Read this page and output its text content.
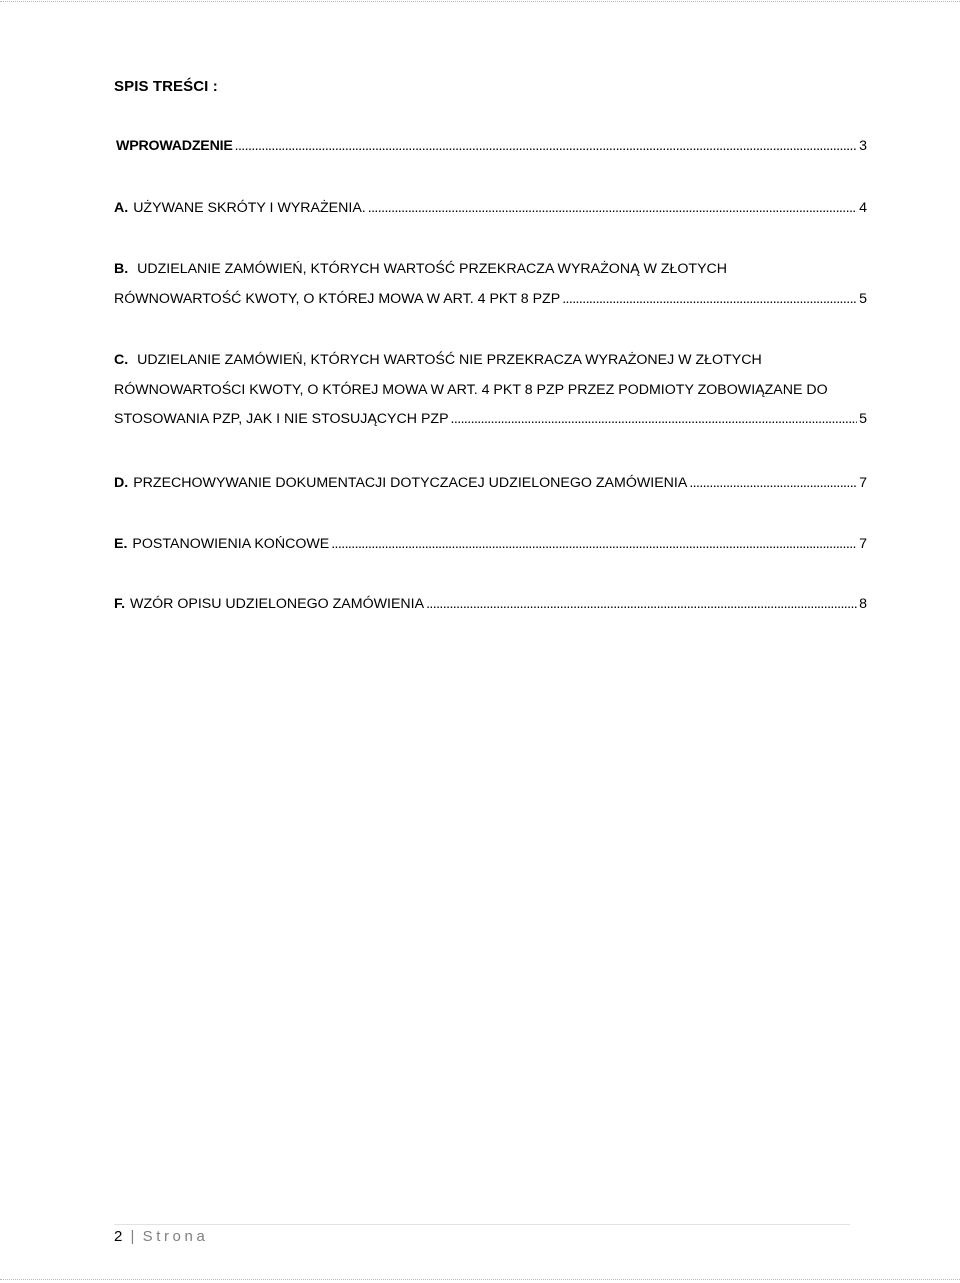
SPIS TREŚCI :
WPROWADZENIE .....	3
A. UŻYWANE SKRÓTY I WYRAŻENIA. .....	4
B. UDZIELANIE ZAMÓWIEŃ, KTÓRYCH WARTOŚĆ PRZEKRACZA WYRAŻONĄ W ZŁOTYCH
RÓWNOWARTOŚĆ KWOTY, O KTÓREJ MOWA W ART. 4 PKT 8 PZP .....	5
C. UDZIELANIE ZAMÓWIEŃ, KTÓRYCH WARTOŚĆ NIE PRZEKRACZA WYRAŻONEJ W ZŁOTYCH
RÓWNOWARTOŚCI KWOTY, O KTÓREJ MOWA W ART. 4 PKT 8 PZP PRZEZ PODMIOTY ZOBOWIĄZANE DO
STOSOWANIA PZP, JAK I NIE STOSUJĄCYCH PZP .....	5
D. PRZECHOWYWANIE DOKUMENTACJI DOTYCZACEJ UDZIELONEGO ZAMÓWIENIA .....	7
E. POSTANOWIENIA KOŃCOWE .....	7
F. WZÓR OPISU UDZIELONEGO ZAMÓWIENIA .....	8
2 | Strona
